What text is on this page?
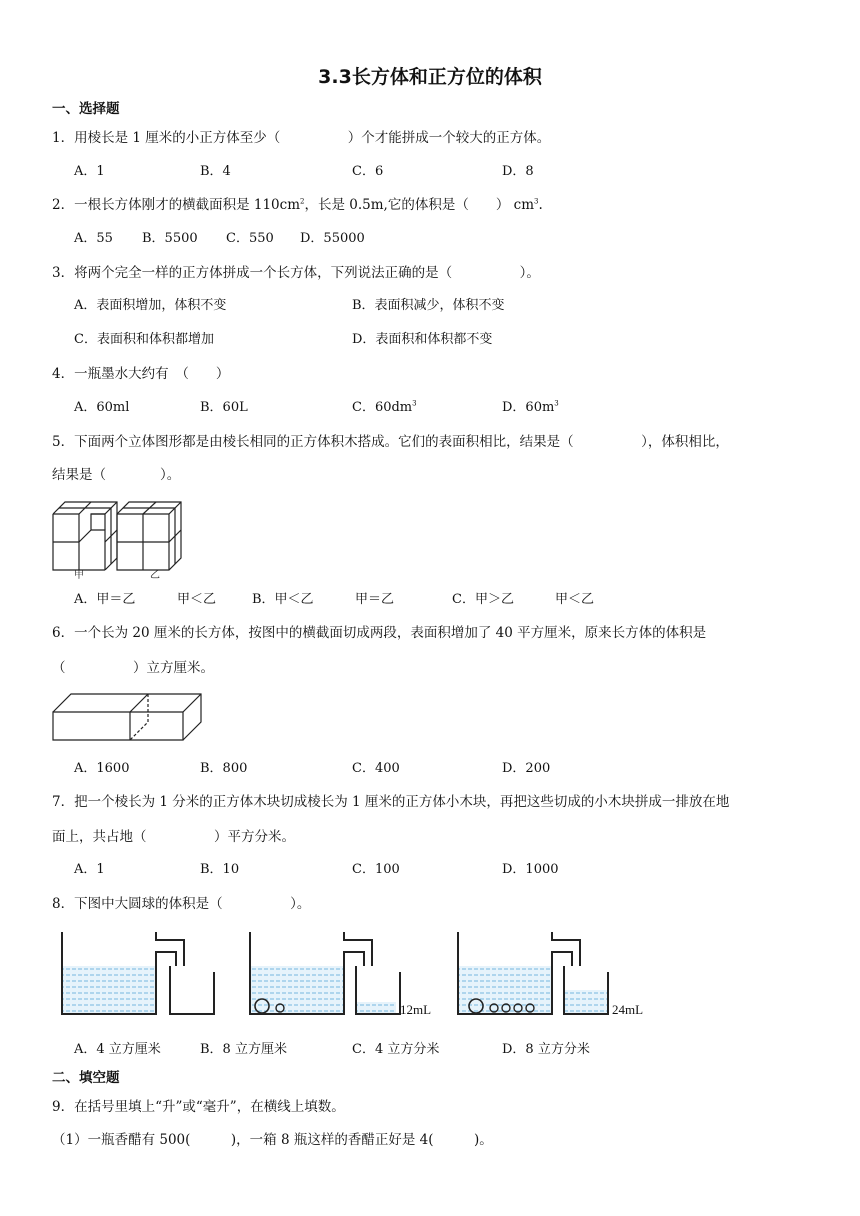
3.3长方体和正方位的体积
一、选择题
1．用棱长是 1 厘米的小正方体至少（　　　　　）个才能拼成一个较大的正方体。
A．1	B．4	C．6	D．8
2．一根长方体刚才的横截面积是 $110cm^2$，长是 0.5m,它的体积是（　　） $cm^3$.
A．55 B．5500 C．550 D．55000
3．将两个完全一样的正方体拼成一个长方体，下列说法正确的是（　　　　　）。
A．表面积增加，体积不变	B．表面积减少，体积不变
C．表面积和体积都增加	D．表面积和体积都不变
4．一瓶墨水大约有　（　　）
A．60ml	B．60L	C．$60dm^3$	D．$60m^3$
5．下面两个立体图形都是由棱长相同的正方体积木搭成。它们的表面积相比，结果是（　　　　　），体积相比，
结果是（　　　　）。
甲	乙
A．甲＝乙	甲＜乙	B．甲＜乙	甲＝乙	C．甲＞乙	甲＜乙
6．一个长为 20 厘米的长方体，按图中的横截面切成两段，表面积增加了 40 平方厘米，原来长方体的体积是
（　　　　　）立方厘米。
A．1600	B．800	C．400	D．200
7．把一个棱长为 1 分米的正方体木块切成棱长为 1 厘米的正方体小木块，再把这些切成的小木块拼成一排放在地
面上，共占地（　　　　　）平方分米。
A．1	B．10	C．100	D．1000
8．下图中大圆球的体积是（　　　　　）。
12mL	24mL
A．4 立方厘米	B．8 立方厘米	C．4 立方分米	D．8 立方分米
二、填空题
9．在括号里填上“升”或“毫升”，在横线上填数。
（1）一瓶香醋有 500(　　　)，一箱 8 瓶这样的香醋正好是 4(　　　)。
